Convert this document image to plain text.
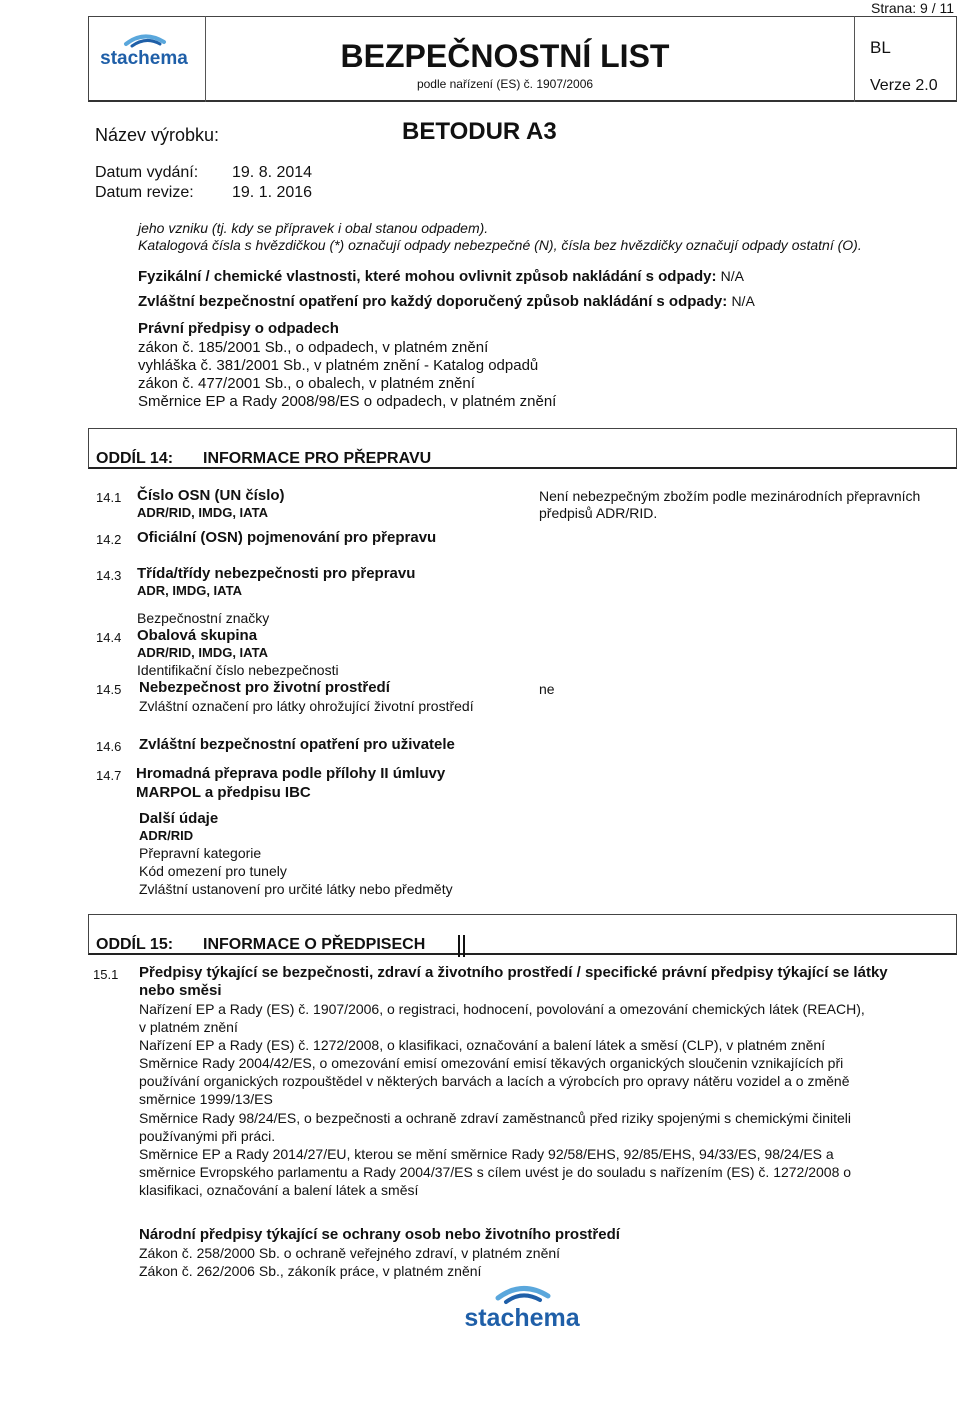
Strana: 9 / 11
stachema	BEZPEČNOSTNÍ LIST
podle nařízení (ES) č. 1907/2006
BL
Verze 2.0
Název výrobku:	BETODUR A3
Datum vydání:	19. 8. 2014
Datum revize:	19. 1. 2016
jeho vzniku (tj. kdy se přípravek i obal stanou odpadem).
Katalogová čísla s hvězdičkou (*) označují odpady nebezpečné (N), čísla bez hvězdičky označují odpady ostatní (O).
Fyzikální / chemické vlastnosti, které mohou ovlivnit způsob nakládání s odpady: N/A
Zvláštní bezpečnostní opatření pro každý doporučený způsob nakládání s odpady: N/A
Právní předpisy o odpadech
zákon č. 185/2001 Sb., o odpadech, v platném znění
vyhláška č. 381/2001 Sb., v platném znění - Katalog odpadů
zákon č. 477/2001 Sb., o obalech, v platném znění
Směrnice EP a Rady 2008/98/ES o odpadech, v platném znění
ODDÍL 14: INFORMACE PRO PŘEPRAVU
14.1 Číslo OSN (UN číslo)
ADR/RID, IMDG, IATA
Není nebezpečným zbožím podle mezinárodních přepravních
předpisů ADR/RID.
14.2 Oficiální (OSN) pojmenování pro přepravu
14.3 Třída/třídy nebezpečnosti pro přepravu
ADR, IMDG, IATA
Bezpečnostní značky
14.4 Obalová skupina
ADR/RID, IMDG, IATA
Identifikační číslo nebezpečnosti
14.5 Nebezpečnost pro životní prostředí	ne
Zvláštní označení pro látky ohrožující životní prostředí
14.6 Zvláštní bezpečnostní opatření pro uživatele
14.7 Hromadná přeprava podle přílohy II úmluvy
MARPOL a předpisu IBC
Další údaje
ADR/RID
Přepravní kategorie
Kód omezení pro tunely
Zvláštní ustanovení pro určité látky nebo předměty
ODDÍL 15: INFORMACE O PŘEDPISECH
15.1 Předpisy týkající se bezpečnosti, zdraví a životního prostředí / specifické právní předpisy týkající se látky
nebo směsi
Nařízení EP a Rady (ES) č. 1907/2006, o registraci, hodnocení, povolování a omezování chemických látek (REACH),
v platném znění
Nařízení EP a Rady (ES) č. 1272/2008, o klasifikaci, označování a balení látek a směsí (CLP), v platném znění
Směrnice Rady 2004/42/ES, o omezování emisí omezování emisí těkavých organických sloučenin vznikajících při
používání organických rozpouštědel v některých barvách a lacích a výrobcích pro opravy nátěru vozidel a o změně
směrnice 1999/13/ES
Směrnice Rady 98/24/ES, o bezpečnosti a ochraně zdraví zaměstnanců před riziky spojenými s chemickými činiteli
používanými při práci.
Směrnice EP a Rady 2014/27/EU, kterou se mění směrnice Rady 92/58/EHS, 92/85/EHS, 94/33/ES, 98/24/ES a
směrnice Evropského parlamentu a Rady 2004/37/ES s cílem uvést je do souladu s nařízením (ES) č. 1272/2008 o
klasifikaci, označování a balení látek a směsí
Národní předpisy týkající se ochrany osob nebo životního prostředí
Zákon č. 258/2000 Sb. o ochraně veřejného zdraví, v platném znění
Zákon č. 262/2006 Sb., zákoník práce, v platném znění
stachema
